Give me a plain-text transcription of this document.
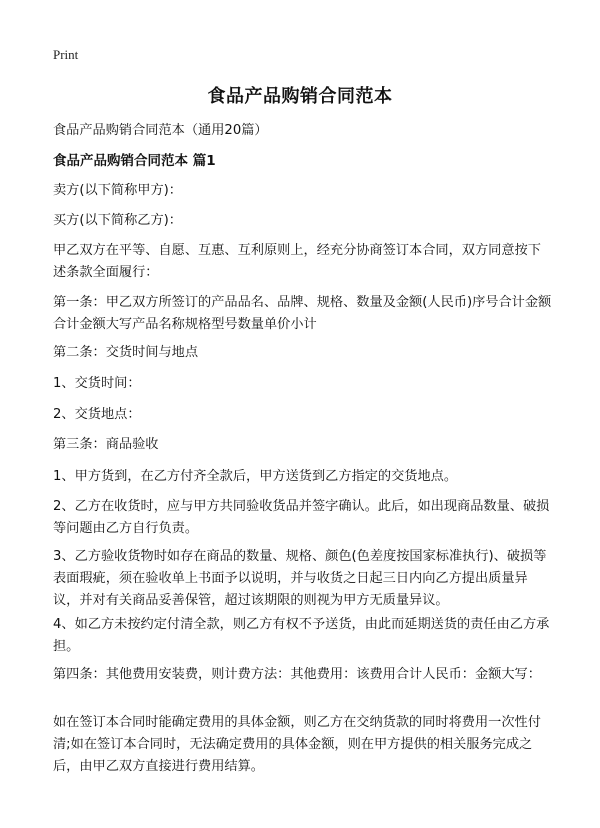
Print
食品产品购销合同范本

食品产品购销合同范本（通用20篇）

食品产品购销合同范本 篇1

卖方(以下简称甲方)：

买方(以下简称乙方)：

甲乙双方在平等、自愿、互惠、互利原则上，经充分协商签订本合同，双方同意按下述条款全面履行：

第一条：甲乙双方所签订的产品品名、品牌、规格、数量及金额(人民币)序号合计金额合计金额大写产品名称规格型号数量单价小计

第二条：交货时间与地点

1、交货时间：

2、交货地点：

第三条：商品验收

1、甲方货到，在乙方付齐全款后，甲方送货到乙方指定的交货地点。

2、乙方在收货时，应与甲方共同验收货品并签字确认。此后，如出现商品数量、破损等问题由乙方自行负责。

3、乙方验收货物时如存在商品的数量、规格、颜色(色差度按国家标准执行)、破损等表面瑕疵，须在验收单上书面予以说明，并与收货之日起三日内向乙方提出质量异议，并对有关商品妥善保管，超过该期限的则视为甲方无质量异议。

4、如乙方未按约定付清全款，则乙方有权不予送货，由此而延期送货的责任由乙方承担。

第四条：其他费用安装费，则计费方法：其他费用：该费用合计人民币：金额大写：

如在签订本合同时能确定费用的具体金额，则乙方在交纳货款的同时将费用一次性付清;如在签订本合同时，无法确定费用的具体金额，则在甲方提供的相关服务完成之后，由甲乙双方直接进行费用结算。
